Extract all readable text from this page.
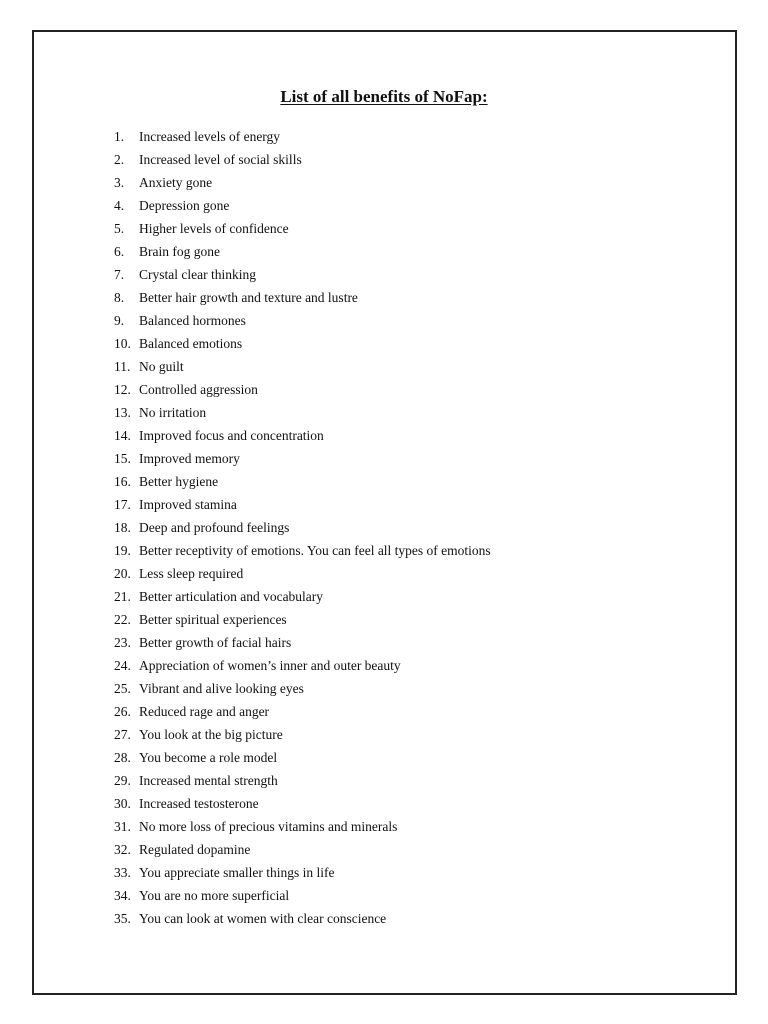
List of all benefits of NoFap:
1.	Increased levels of energy
2.	Increased level of social skills
3.	Anxiety gone
4.	Depression gone
5.	Higher levels of confidence
6.	Brain fog gone
7.	Crystal clear thinking
8.	Better hair growth and texture and lustre
9.	Balanced hormones
10. Balanced emotions
11. No guilt
12. Controlled aggression
13. No irritation
14. Improved focus and concentration
15. Improved memory
16. Better hygiene
17. Improved stamina
18. Deep and profound feelings
19. Better receptivity of emotions. You can feel all types of emotions
20. Less sleep required
21. Better articulation and vocabulary
22. Better spiritual experiences
23. Better growth of facial hairs
24. Appreciation of women’s inner and outer beauty
25. Vibrant and alive looking eyes
26. Reduced rage and anger
27. You look at the big picture
28. You become a role model
29. Increased mental strength
30. Increased testosterone
31. No more loss of precious vitamins and minerals
32. Regulated dopamine
33. You appreciate smaller things in life
34. You are no more superficial
35. You can look at women with clear conscience
